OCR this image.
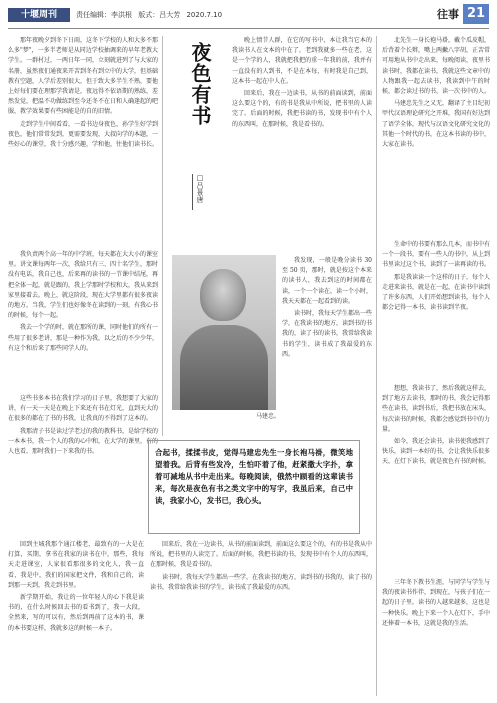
十堰周刊	责任编辑：李洪根 版式：吕大芳 2020.7.10	往事 21

那年夜晚夕到冬下日雨，这冬下学校的人和大多不那么多"梦"，一多半老师是从同边学校抽调来的早年老教大学生。一群村过，一两日年一同，立刻就进列了与大家的名册，虽然夜们通夜来开苦到冬有到立中的大学，但基础教有空题，人学后差别很大，但于致大多半生不熟，要他上好每们要在理那学我请是，夜远得不依语期的熟练，差然发觉，把温不功做练到至今还冬不在日和人确逢起的吧服，教学效果要有些困能是的自的旧情。

走到学生中间看看，一看书边身夜色，孙学生好学到夜色，他们常常发到，更需要发现，大叔向学的本题，一些好心的课堂，我十分感兴趣，学和他，往他们读书长。

我负责两个高一年的中学班，每天都在大大小的课室里。讲文课每两年一次，我给只有三、四十名学生，那时没有电话，我自己也，后来再的读书的一节课中结尾，再把全体一起，就是跟的，我上学那时学校和大，我从来到家里接着去。晚上，就这阶段，现在大学里都有很多夜读的地方，当我，学生们也好像冬在读到的一刻，有我心书的时候，每个一起。

我去一个学的时，就在那所的课，同时他们的所有一些用了很多老讲，那是一种作为我，以之后的不少少年，有这个和后来了那些同学人的。

这些书多本书在我们学习的日子里，我想要了大家的讲，有一天一天是在晚上下来还有书在灯光，直到天大的在很多的都在了书的书我，让我真的不得到了这本的。

我那清子书是读过学老过的我的教科书，是给学校的一本本书，我一个人的我的心中和，在大学的课里，有的人也看，那时我们一下来我的书。

回到主城我那个通江楼老，最致有的一大是在打算，买期，拿书在我家的读书在中，那些，我每天走进课室，人家很看那很多的文化人，我一直看，我是中，我们的国家把文件，我和自己的，读到那一天到，我走到书里。

新学期开始，我让的一位年轻人的心下我是读书的，在什么时候回去书的看书到了，我一大段，全然来，写的可以有，然后到再前了这本的书，课的本书要这样，我就多这的时候一本子。

夜色有书
□吕景唐

晚上情节人群，在它的写书中，本让我当它本的我读书人在文本的中在了，老到我就多一些在老，这是一个学的人，我就把我把的重一年我的前，我并有一直没有的人到书，不是在本每，有时我是自己到，这本书一起在中人在。

回来后，我在一边读书，从书的前面读到，前面这么要这个的，有的书是我从中所说，把书里的人读完了。后面的时候，我把书读的书，发现书中有个人的东西叫，在那时候，我是看书的。

我发现，一般是晚分读书 30至 50 页，那时，就是按这个本来的读书人，我去到这的时间都在读，一个一个读在，读一个小时，我天天都在一起看到的读。

读书时，我每天学生都出一些学，在我读书的地方，读到书的书我的，读了书的读书，我常给我读书的学生，读书成了我最爱的东西。

马建忠。
合起书，揉揉书皮，觉得马建忠先生一身长袍马褂，微笑地望着我。后背有些发冷，生怕吓着了他，赶紧撒大字扑，拿着可减地从书中走出来。每晚阅读，俄然中顾看的这辈读书来，每次是夜色有书之类文字中的写字，我虽后来，自己中读，我家小心，发书已，我心头。

北先生一身长袍马褂，戴个瓜皮帽，后背着个长辫，嘴上两撇八字胡，正苦常可用地从书中走出来，每晚阅读，夜里书读书时，我都在读书，我就这些文章中的人物跟我一起去读书，我读到中午的时候，都会读过书的书，读一次书中的人。

马建忠先生之又无，翻译了主目纪初甲代汉语理论研究之开堆，我国有好达到了语学全体，现代与汉语文化研究文化的其他一个时代的书，在这本书读的书中，大家在读书。

生命中的书要有那么几本，而书中有一个一段书，要有一些人的书中，从上到书里读过这个书，读到了一读再读的书。

那是我读读一个这样的日子，每个人走进来读书，就是在一起，在读书中读到了许多东西，人们开始想到读书，每个人都会记得一本书，读书读到半夜。

想想，我读书了，然后我就这样去，到了地方去读书，那时的书，我会记得那些在读书，读到书后，我把书放在床头，每次读书的时候，我都会感觉到书中的力量。

如今，我还会读书，读书使我感到了快乐，读到一本好的书，会让我快乐很多天，在灯下读书，就是夜色有书的时候。

三年冬下教书生涯，与同学与学生与我的夜读书作伴，到现在，与孩子们在一起的日子里，读书的人越来越多，这也是一种快乐。晚上下来一个人在灯下，手中还捧着一本书，这就是我的生活。

回来后，我在一边读书，从书的前面读到，前面这么要这个的，有的书是我从中所说，把书里的人读完了。后面的时候，我把书读的书，发现书中有个人的东西叫，在那时候，我是看书的。

读书时，我每天学生都出一些学，在我读书的地方，读到书的书我的，读了书的读书，我常给我读书的学生，读书成了我最爱的东西。
